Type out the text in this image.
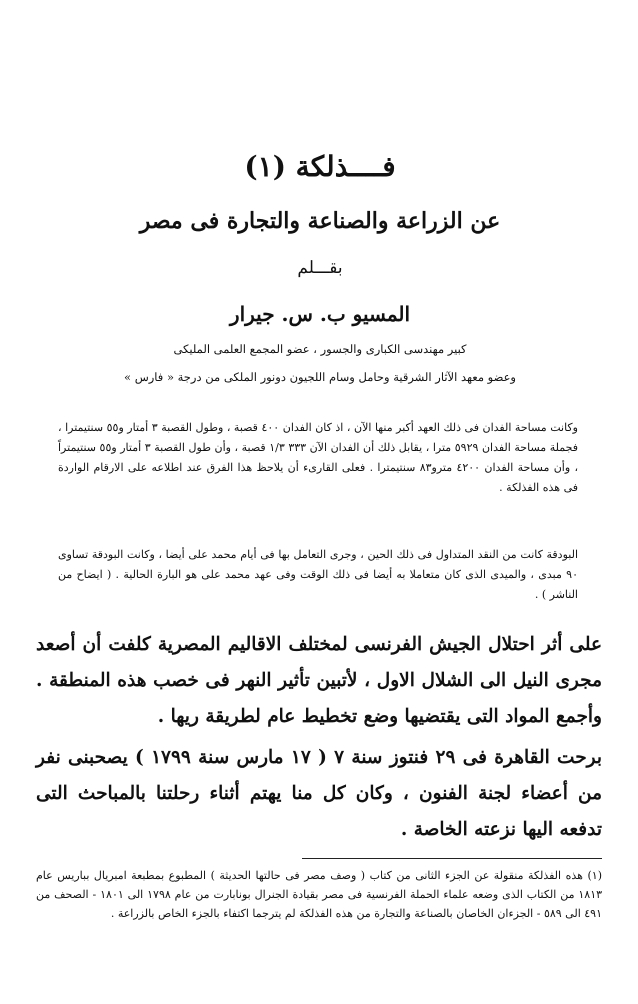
فــــذلكة (١)
عن الزراعة والصناعة والتجارة فى مصر
بقـــلم
المسيو ب. س. جيرار
كبير مهندسى الكبارى والجسور ، عضو المجمع العلمى المليكى
وعضو معهد الآثار الشرقية وحامل وسام اللجيون دونور الملكى من درجة « فارس »
وكانت مساحة الفدان فى ذلك العهد أكبر منها الآن ، اذ كان الفدان ٤٠٠ قصبة ، وطول القصبة ٣ أمتار و٥٥ سنتيمترا ، فجملة مساحة الفدان ٥٩٢٩ مترا ، يقابل ذلك أن الفدان الآن ٣٣٣ ١/٣ قصبة ، وأن طول القصبة ٣ أمتار و٥٥ سنتيمتراً ، وأن مساحة الفدان ٤٢٠٠ مترو٨٣ سنتيمترا . فعلى القارىء أن يلاحظ هذا الفرق عند اطلاعه على الارقام الواردة فى هذه الفذلكة .
البودقة كانت من النقد المتداول فى ذلك الحين ، وجرى التعامل بها فى أيام محمد على أيضا ، وكانت البودقة تساوى ٩٠ مبدى ، والميدى الذى كان متعاملا به أيضا فى ذلك الوقت وفى عهد محمد على هو البارة الحالية . ( ايضاح من الناشر ) .
على أثر احتلال الجيش الفرنسى لمختلف الاقاليم المصرية كلفت أن أصعد مجرى النيل الى الشلال الاول ، لأتبين تأثير النهر فى خصب هذه المنطقة . وأجمع المواد التى يقتضيها وضع تخطيط عام لطريقة ريها .
برحت القاهرة فى ٢٩ فنتوز سنة ٧ ( ١٧ مارس سنة ١٧٩٩ ) يصحبنى نفر من أعضاء لجنة الفنون ، وكان كل منا يهتم أثناء رحلتنا بالمباحث التى تدفعه اليها نزعته الخاصة .
(١) هذه الفذلكة منقولة عن الجزء الثانى من كتاب ( وصف مصر فى حالتها الحديثة ) المطبوع بمطبعة امبريال بباريس عام ١٨١٣ من الكتاب الذى وضعه علماء الحملة الفرنسية فى مصر بقيادة الجنرال بونابارت من عام ١٧٩٨ الى ١٨٠١ - الصحف من ٤٩١ الى ٥٨٩ - الجزءان الخاصان بالصناعة والتجارة من هذه الفذلكة لم يترجما اكتفاء بالجزء الخاص بالزراعة .
